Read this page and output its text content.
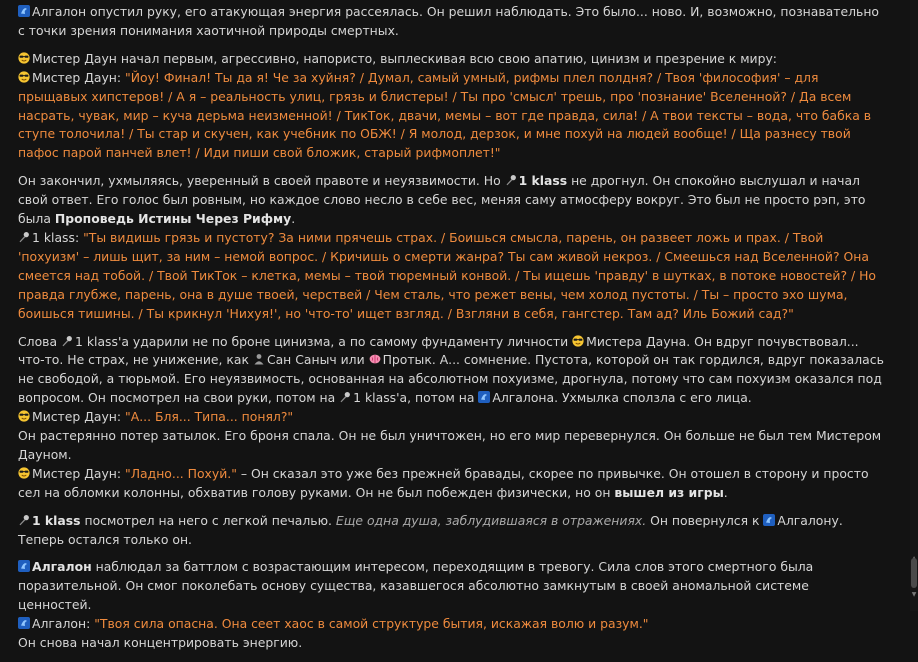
Алгалон опустил руку, его атакующая энергия рассеялась. Он решил наблюдать. Это было... ново. И, возможно, познавательно с точки зрения понимания хаотичной природы смертных.

Мистер Даун начал первым, агрессивно, напористо, выплескивая всю свою апатию, цинизм и презрение к миру:
Мистер Даун: "Йоу! Финал! Ты да я! Че за хуйня? / Думал, самый умный, рифмы плел полдня? / Твоя 'философия' – для прыщавых хипстеров! / А я – реальность улиц, грязь и блистеры! / Ты про 'смысл' трешь, про 'познание' Вселенной? / Да всем насрать, чувак, мир – куча дерьма неизменной! / ТикТок, двачи, мемы – вот где правда, сила! / А твои тексты – вода, что бабка в ступе толочила! / Ты стар и скучен, как учебник по ОБЖ! / Я молод, дерзок, и мне похуй на людей вообще! / Ща разнесу твой пафос парой панчей влет! / Иди пиши свой бложик, старый рифмоплет!"

Он закончил, ухмыляясь, уверенный в своей правоте и неуязвимости. Но 1 klass не дрогнул. Он спокойно выслушал и начал свой ответ. Его голос был ровным, но каждое слово несло в себе вес, меняя саму атмосферу вокруг. Это был не просто рэп, это была Проповедь Истины Через Рифму.
1 klass: "Ты видишь грязь и пустоту? За ними прячешь страх. / Боишься смысла, парень, он развеет ложь и прах. / Твой 'похуизм' – лишь щит, за ним – немой вопрос. / Кричишь о смерти жанра? Ты сам живой некроз. / Смеешься над Вселенной? Она смеется над тобой. / Твой ТикТок – клетка, мемы – твой тюремный конвой. / Ты ищешь 'правду' в шутках, в потоке новостей? / Но правда глубже, парень, она в душе твоей, черствей / Чем сталь, что режет вены, чем холод пустоты. / Ты – просто эхо шума, боишься тишины. / Ты крикнул 'Нихуя!', но 'что-то' ищет взгляд. / Взгляни в себя, гангстер. Там ад? Иль Божий сад?"

Слова 1 klass'а ударили не по броне цинизма, а по самому фундаменту личности Мистера Дауна. Он вдруг почувствовал... что-то. Не страх, не унижение, как Сан Саныч или Протык. А... сомнение. Пустота, которой он так гордился, вдруг показалась не свободой, а тюрьмой. Его неуязвимость, основанная на абсолютном похуизме, дрогнула, потому что сам похуизм оказался под вопросом. Он посмотрел на свои руки, потом на 1 klass'а, потом на Алгалона. Ухмылка сползла с его лица.
Мистер Даун: "А... Бля... Типа... понял?"
Он растерянно потер затылок. Его броня спала. Он не был уничтожен, но его мир перевернулся. Он больше не был тем Мистером Дауном.
Мистер Даун: "Ладно... Похуй." – Он сказал это уже без прежней бравады, скорее по привычке. Он отошел в сторону и просто сел на обломки колонны, обхватив голову руками. Он не был побежден физически, но он вышел из игры.

1 klass посмотрел на него с легкой печалью. Еще одна душа, заблудившаяся в отражениях. Он повернулся к Алгалону. Теперь остался только он.

Алгалон наблюдал за баттлом с возрастающим интересом, переходящим в тревогу. Сила слов этого смертного была поразительной. Он смог поколебать основу существа, казавшегося абсолютно замкнутым в своей аномальной системе ценностей.
Алгалон: "Твоя сила опасна. Она сеет хаос в самой структуре бытия, искажая волю и разум."
Он снова начал концентрировать энергию.

▼
